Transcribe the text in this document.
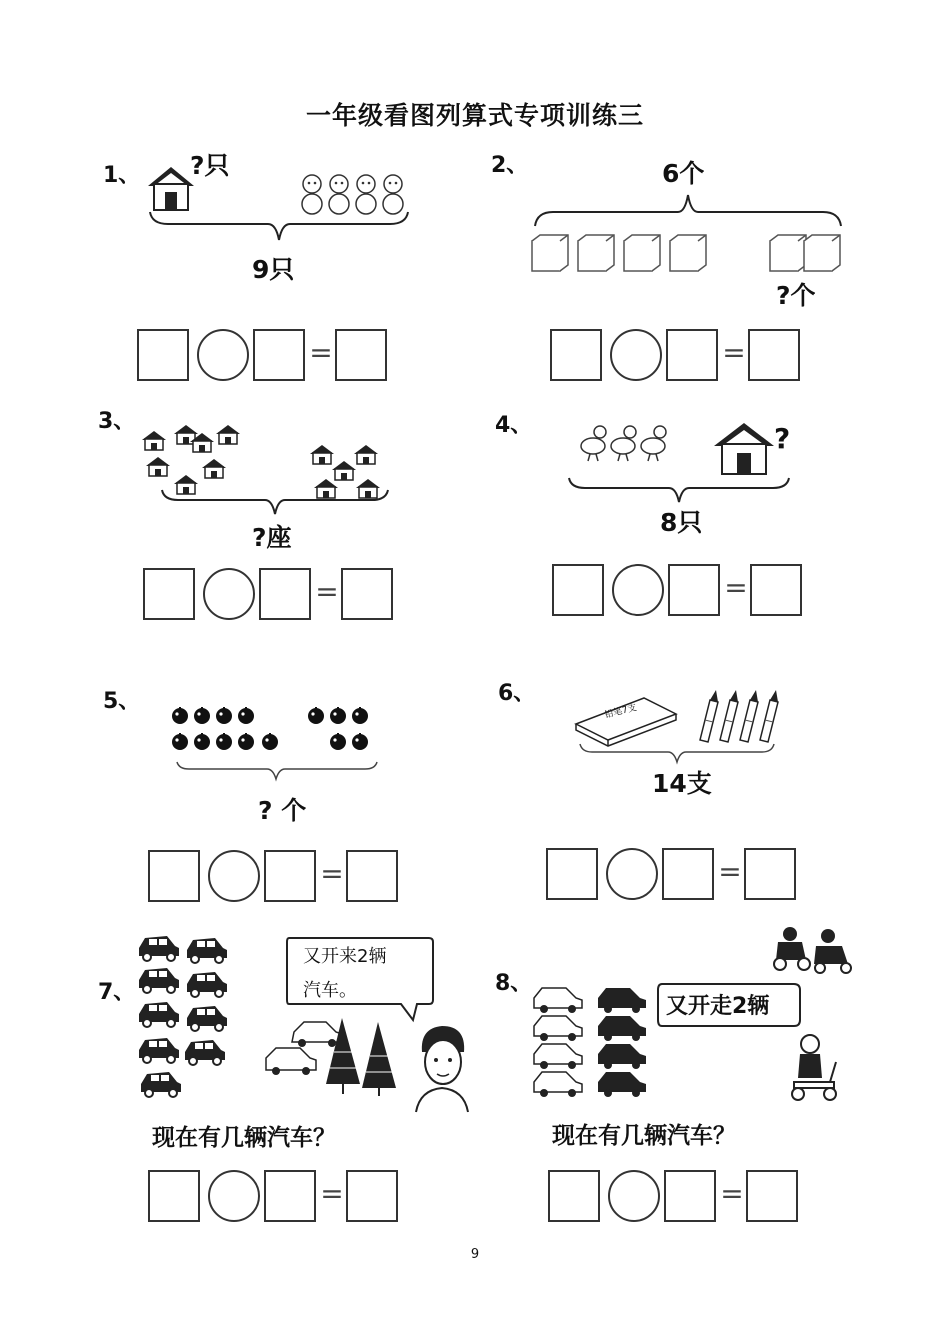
一年级看图列算式专项训练三
1、 ?只
9只
=
2、	6个
?个
=
3、
?座
=
4、	?
8只
=
5、
? 个
=
6、
铅笔7支
14支
=
7、
又开来2辆
汽车。
现在有几辆汽车？
=
8、
又开走2辆
现在有几辆汽车？
=
9
